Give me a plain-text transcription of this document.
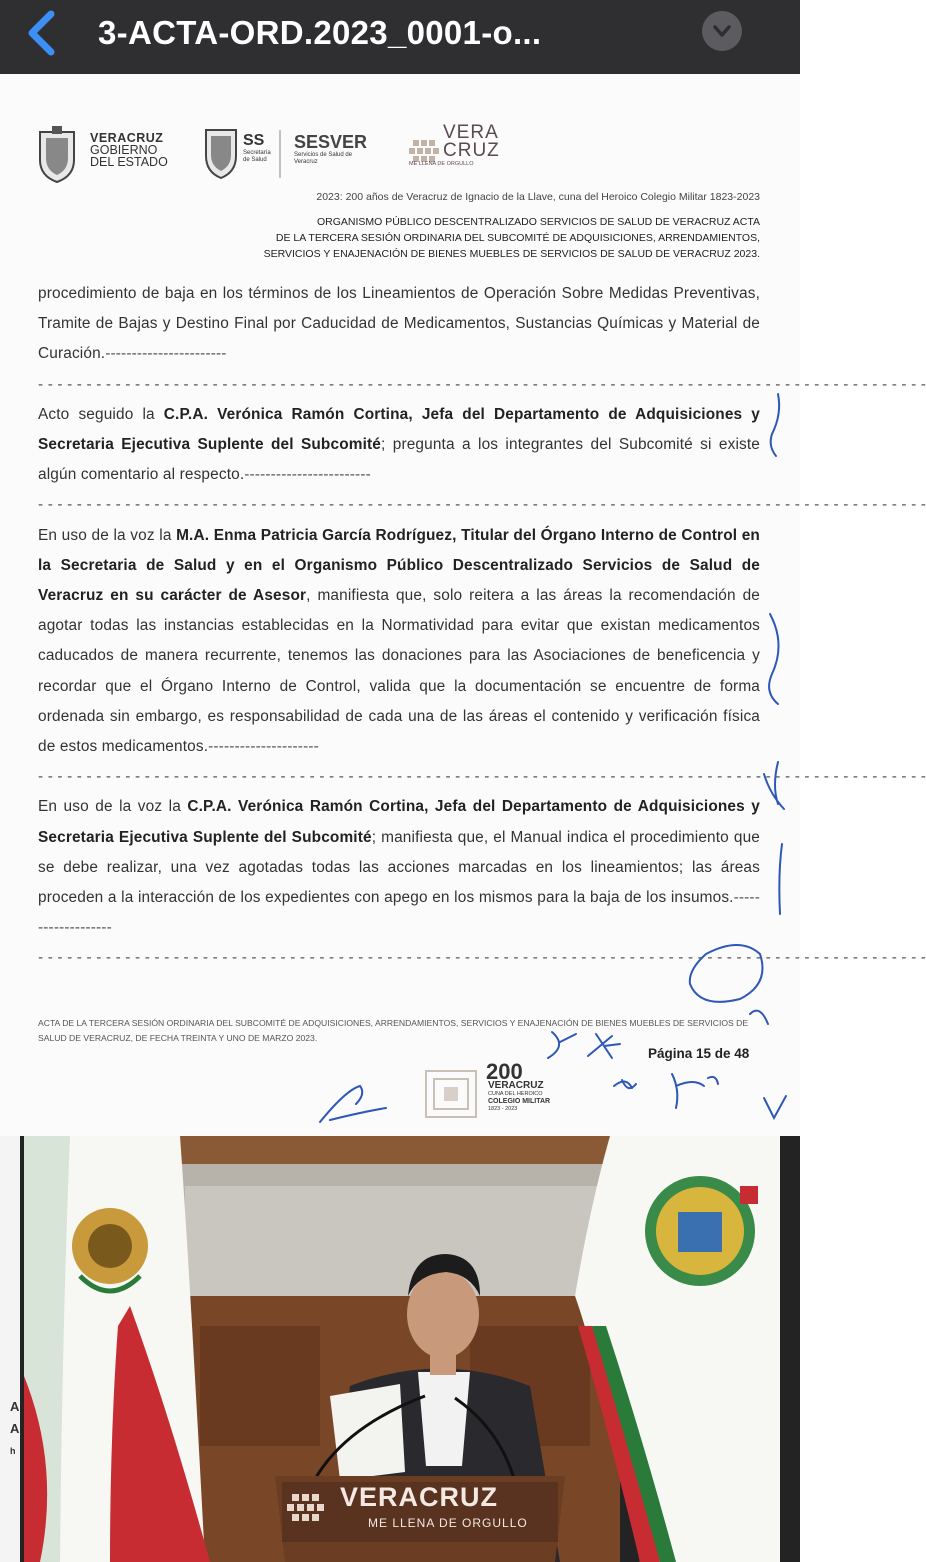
3-ACTA-ORD.2023_0001-o...
VERACRUZ
GOBIERNO
DEL ESTADO
SS
Secretaría de Salud
SESVER
Servicios de Salud de Veracruz
VERA
CRUZ
ME LLENA DE ORGULLO
2023: 200 años de Veracruz de Ignacio de la Llave, cuna del Heroico Colegio Militar 1823-2023
ORGANISMO PÚBLICO DESCENTRALIZADO SERVICIOS DE SALUD DE VERACRUZ ACTA
DE LA TERCERA SESIÓN ORDINARIA DEL SUBCOMITÉ DE ADQUISICIONES, ARRENDAMIENTOS,
SERVICIOS Y ENAJENACIÓN DE BIENES MUEBLES DE SERVICIOS DE SALUD DE VERACRUZ 2023.

procedimiento de baja en los términos de los Lineamientos de Operación Sobre Medidas Preventivas, Tramite de Bajas y Destino Final por Caducidad de Medicamentos, Sustancias Químicas y Material de Curación.-----------------------

- - - - - - - - - - - - - - - - - - - - - - - - - - - - - - - - - - - - - - - - - - - - - - - - - - - - - - - - - - - - - - - - - - - - - - - - - - - - - - - - - - - - - - - - - - - -

Acto seguido la C.P.A. Verónica Ramón Cortina, Jefa del Departamento de Adquisiciones y Secretaria Ejecutiva Suplente del Subcomité; pregunta a los integrantes del Subcomité si existe algún comentario al respecto.------------------------

- - - - - - - - - - - - - - - - - - - - - - - - - - - - - - - - - - - - - - - - - - - - - - - - - - - - - - - - - - - - - - - - - - - - - - - - - - - - - - - - - - - - - - - - - - - -

En uso de la voz la M.A. Enma Patricia García Rodríguez, Titular del Órgano Interno de Control en la Secretaria de Salud y en el Organismo Público Descentralizado Servicios de Salud de Veracruz en su carácter de Asesor, manifiesta que, solo reitera a las áreas la recomendación de agotar todas las instancias establecidas en la Normatividad para evitar que existan medicamentos caducados de manera recurrente, tenemos las donaciones para las Asociaciones de beneficencia y recordar que el Órgano Interno de Control, valida que la documentación se encuentre de forma ordenada sin embargo, es responsabilidad de cada una de las áreas el contenido y verificación física de estos medicamentos.---------------------

- - - - - - - - - - - - - - - - - - - - - - - - - - - - - - - - - - - - - - - - - - - - - - - - - - - - - - - - - - - - - - - - - - - - - - - - - - - - - - - - - - - - - - - - - - - -

En uso de la voz la C.P.A. Verónica Ramón Cortina, Jefa del Departamento de Adquisiciones y Secretaria Ejecutiva Suplente del Subcomité; manifiesta que, el Manual indica el procedimiento que se debe realizar, una vez agotadas todas las acciones marcadas en los lineamientos; las áreas proceden a la interacción de los expedientes con apego en los mismos para la baja de los insumos.-------------------

- - - - - - - - - - - - - - - - - - - - - - - - - - - - - - - - - - - - - - - - - - - - - - - - - - - - - - - - - - - - - - - - - - - - - - - - - - - - - - - - - - - - - - - - - - - -
ACTA DE LA TERCERA SESIÓN ORDINARIA DEL SUBCOMITÉ DE ADQUISICIONES, ARRENDAMIENTOS, SERVICIOS Y ENAJENACIÓN DE BIENES MUEBLES DE SERVICIOS DE SALUD DE VERACRUZ, DE FECHA TREINTA Y UNO DE MARZO 2023.
Página 15 de 48
200
VERACRUZ
CUNA DEL HEROICO
COLEGIO MILITAR
1823 - 2023
VERACRUZ
ME LLENA DE ORGULLO
A
A
h
